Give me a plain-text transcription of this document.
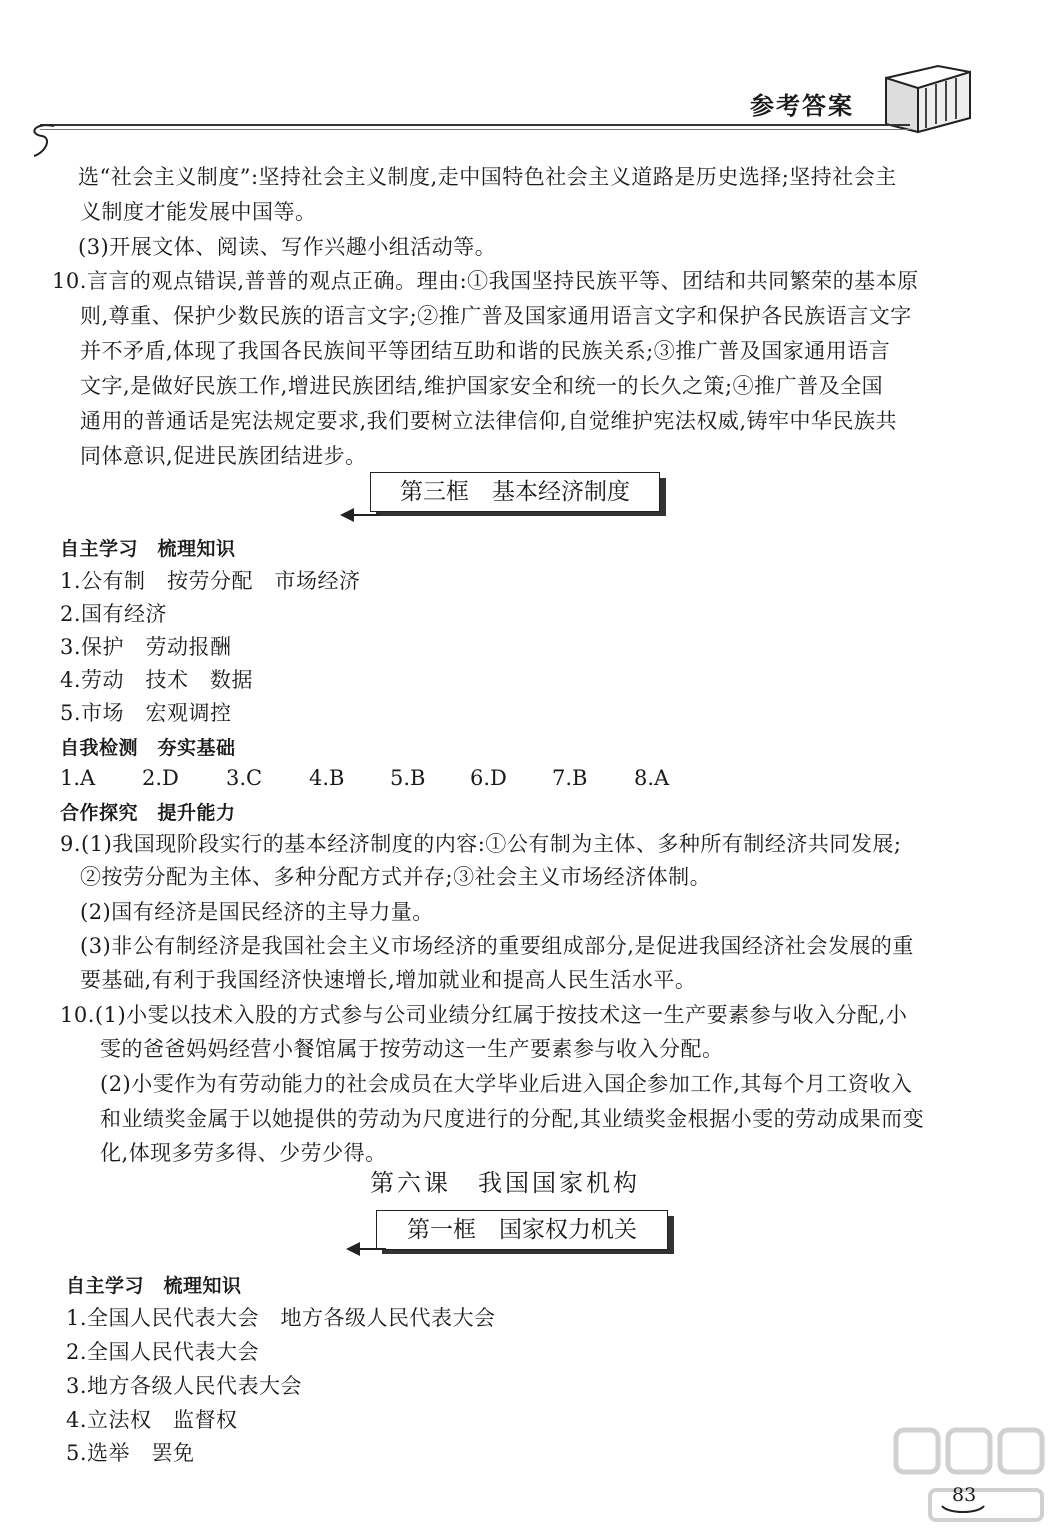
参考答案
选“社会主义制度”:坚持社会主义制度,走中国特色社会主义道路是历史选择;坚持社会主
义制度才能发展中国等。
(3)开展文体、阅读、写作兴趣小组活动等。
10.言言的观点错误,普普的观点正确。理由:①我国坚持民族平等、团结和共同繁荣的基本原
则,尊重、保护少数民族的语言文字;②推广普及国家通用语言文字和保护各民族语言文字
并不矛盾,体现了我国各民族间平等团结互助和谐的民族关系;③推广普及国家通用语言
文字,是做好民族工作,增进民族团结,维护国家安全和统一的长久之策;④推广普及全国
通用的普通话是宪法规定要求,我们要树立法律信仰,自觉维护宪法权威,铸牢中华民族共
同体意识,促进民族团结进步。
第三框　基本经济制度
自主学习　梳理知识
1.公有制　按劳分配　市场经济
2.国有经济
3.保护　劳动报酬
4.劳动　技术　数据
5.市场　宏观调控
自我检测　夯实基础
1.A 2.D 3.C 4.B 5.B 6.D 7.B 8.A
合作探究　提升能力
9.(1)我国现阶段实行的基本经济制度的内容:①公有制为主体、多种所有制经济共同发展;
②按劳分配为主体、多种分配方式并存;③社会主义市场经济体制。
(2)国有经济是国民经济的主导力量。
(3)非公有制经济是我国社会主义市场经济的重要组成部分,是促进我国经济社会发展的重
要基础,有利于我国经济快速增长,增加就业和提高人民生活水平。
10.(1)小雯以技术入股的方式参与公司业绩分红属于按技术这一生产要素参与收入分配,小
雯的爸爸妈妈经营小餐馆属于按劳动这一生产要素参与收入分配。
(2)小雯作为有劳动能力的社会成员在大学毕业后进入国企参加工作,其每个月工资收入
和业绩奖金属于以她提供的劳动为尺度进行的分配,其业绩奖金根据小雯的劳动成果而变
化,体现多劳多得、少劳少得。
第六课　我国国家机构
第一框　国家权力机关
自主学习　梳理知识
1.全国人民代表大会　地方各级人民代表大会
2.全国人民代表大会
3.地方各级人民代表大会
4.立法权　监督权
5.选举　罢免
83
